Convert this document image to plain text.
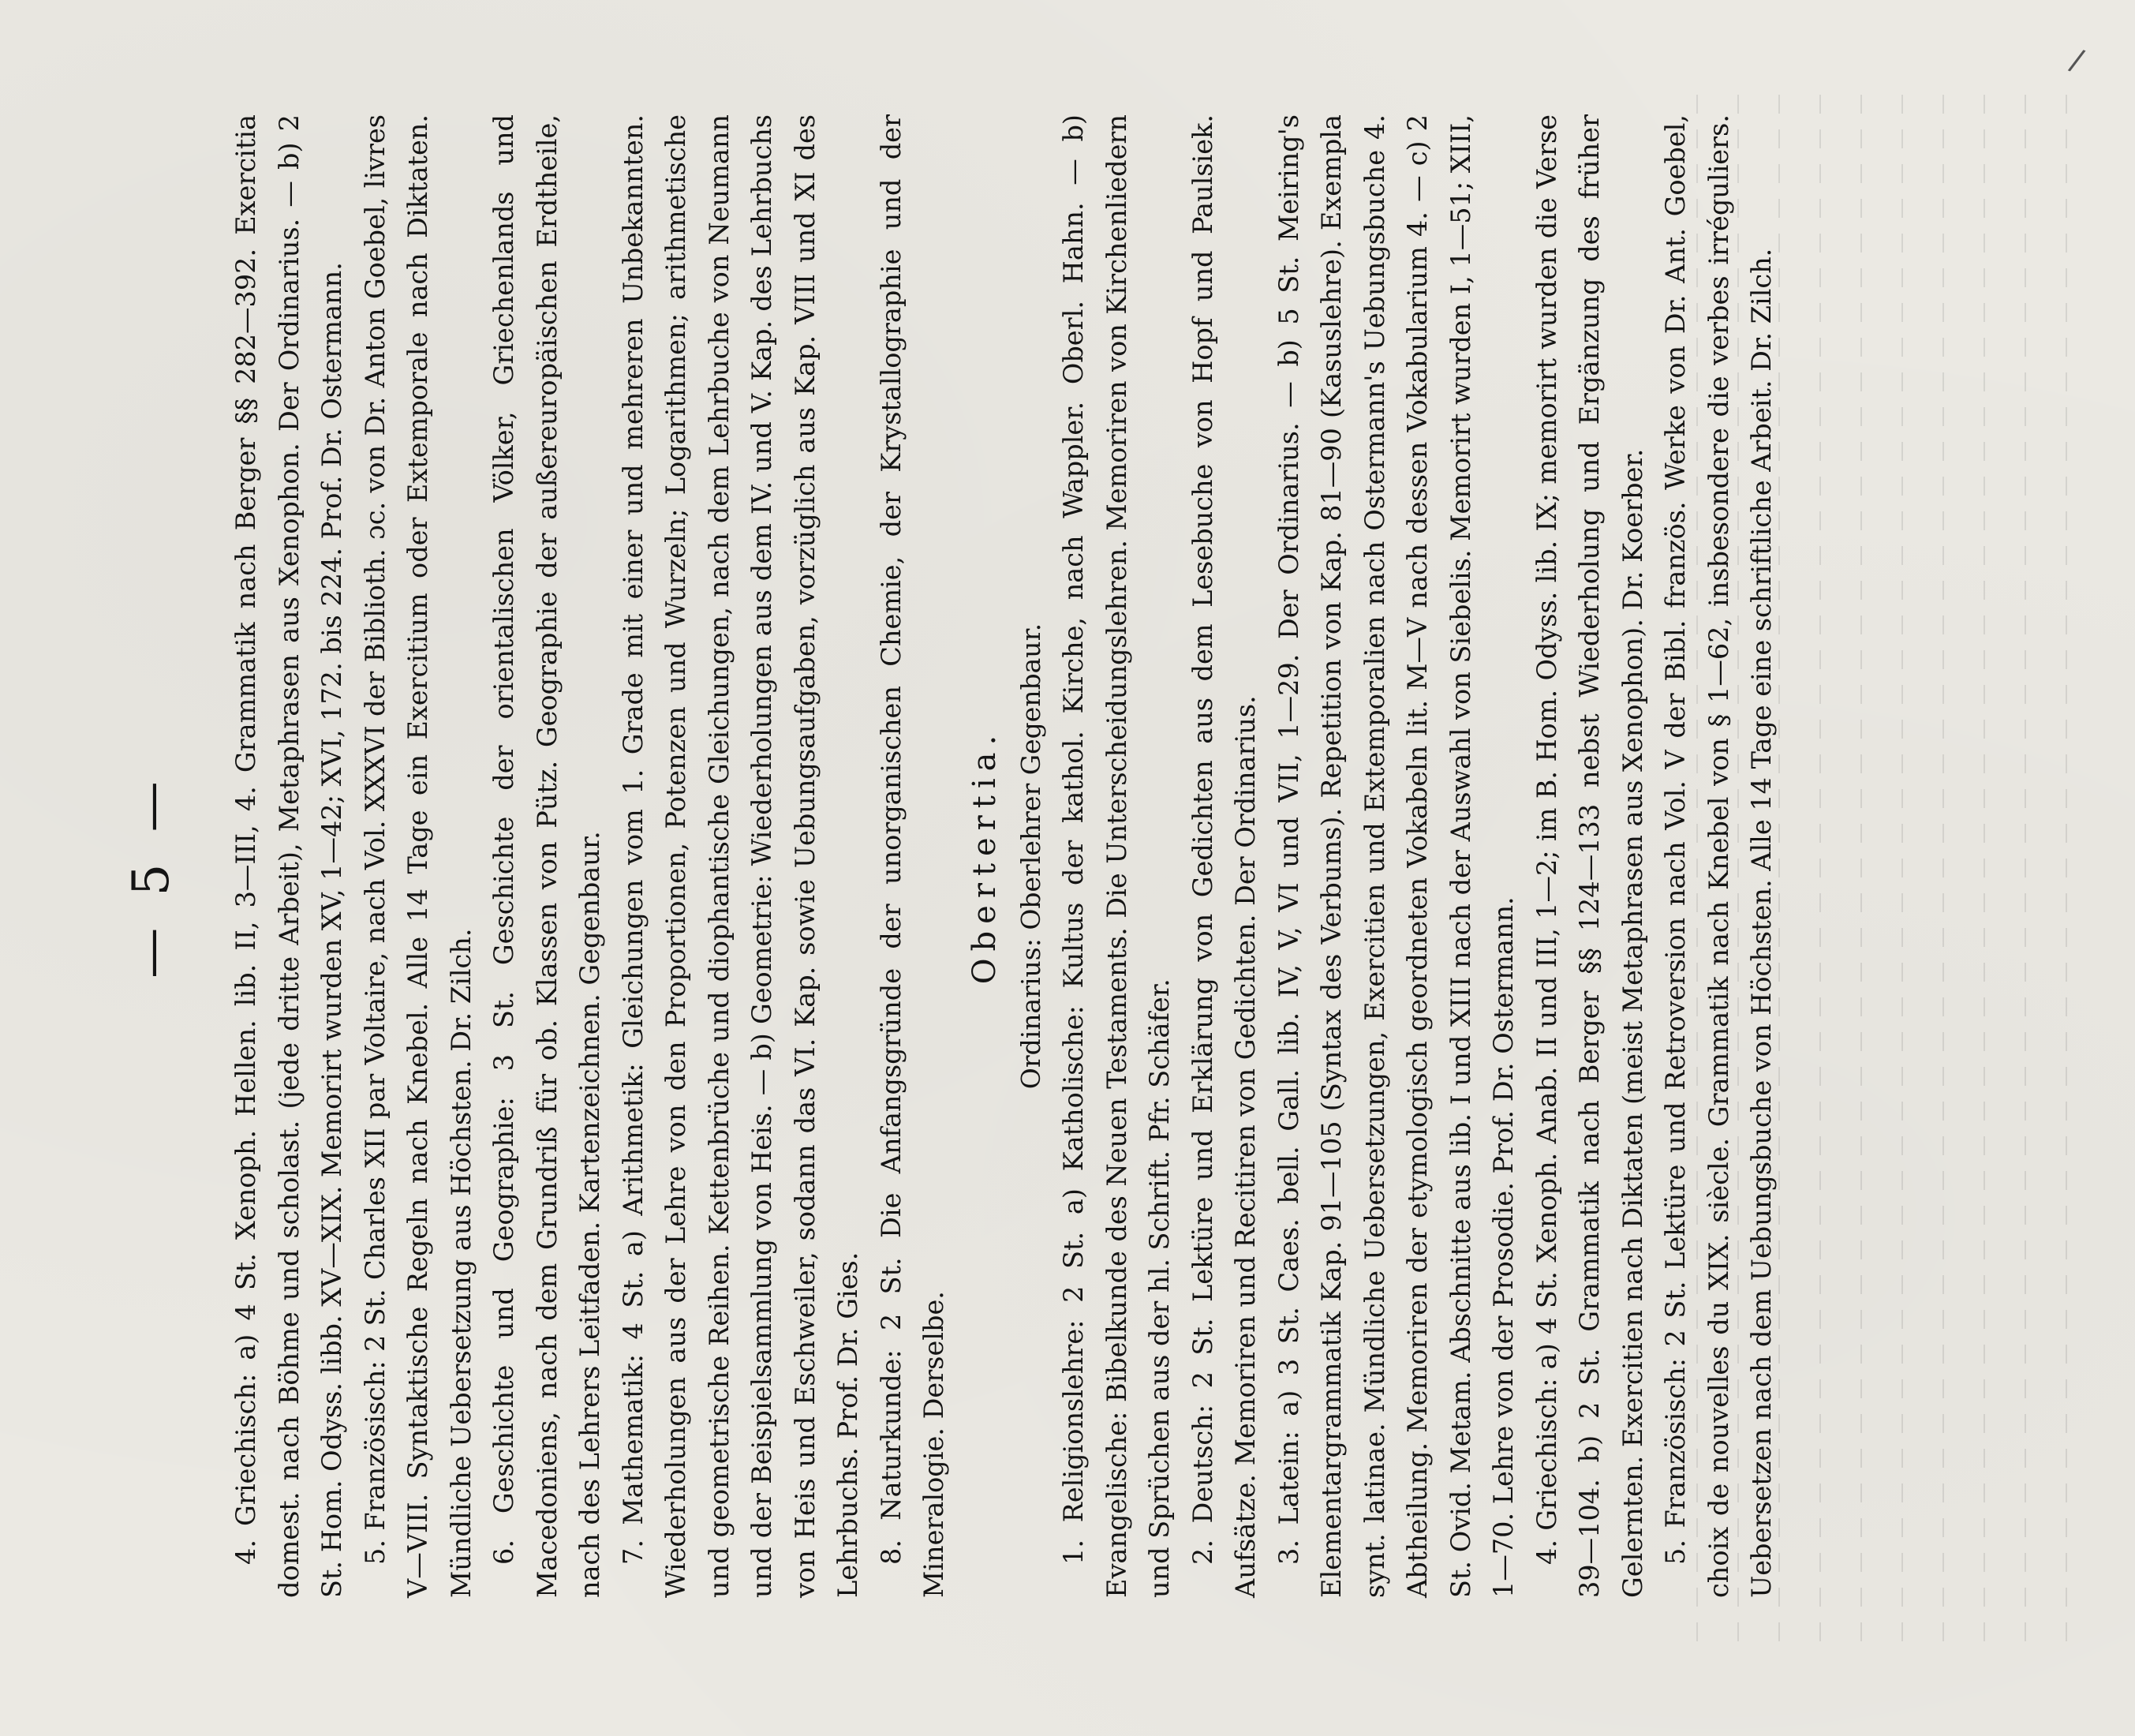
/
— 5 — 4. Griechisch: a) 4 St. Xenoph. Hellen. lib. II, 3—III, 4. Grammatik nach Berger §§ 282—392. Exercitia domest. nach Böhme und scholast. (jede dritte Arbeit), Metaphrasen aus Xenophon. Der Ordinarius. — b) 2 St. Hom. Odyss. libb. XV—XIX. Memorirt wurden XV, 1—42; XVI, 172. bis 224. Prof. Dr. Ostermann. 5. Französisch: 2 St. Charles XII par Voltaire, nach Vol. XXXVI der Biblioth. ɔc. von Dr. Anton Goebel, livres V—VIII. Syntaktische Regeln nach Knebel. Alle 14 Tage ein Exercitium oder Extemporale nach Diktaten. Mündliche Uebersetzung aus Höchsten. Dr. Zilch. 6. Geschichte und Geographie: 3 St. Geschichte der orientalischen Völker, Griechenlands und Macedoniens, nach dem Grundriß für ob. Klassen von Pütz. Geographie der außereuropäischen Erdtheile, nach des Lehrers Leitfaden. Kartenzeichnen. Gegenbaur. 7. Mathematik: 4 St. a) Arithmetik: Gleichungen vom 1. Grade mit einer und mehreren Unbekannten. Wiederholungen aus der Lehre von den Proportionen, Potenzen und Wurzeln; Logarithmen; arithmetische und geometrische Reihen. Kettenbrüche und diophantische Gleichungen, nach dem Lehrbuche von Neumann und der Beispielsammlung von Heis. — b) Geometrie: Wiederholungen aus dem IV. und V. Kap. des Lehrbuchs von Heis und Eschweiler, sodann das VI. Kap. sowie Uebungsaufgaben, vorzüglich aus Kap. VIII und XI des Lehrbuchs. Prof. Dr. Gies. 8. Naturkunde: 2 St. Die Anfangsgründe der unorganischen Chemie, der Krystallographie und der Mineralogie. Derselbe.

Obertertia. Ordinarius: Oberlehrer Gegenbaur. 1. Religionslehre: 2 St. a) Katholische: Kultus der kathol. Kirche, nach Wappler. Oberl. Hahn. — b) Evangelische: Bibelkunde des Neuen Testaments. Die Unterscheidungslehren. Memoriren von Kirchenliedern und Sprüchen aus der hl. Schrift. Pfr. Schäfer. 2. Deutsch: 2 St. Lektüre und Erklärung von Gedichten aus dem Lesebuche von Hopf und Paulsiek. Aufsätze. Memoriren und Recitiren von Gedichten. Der Ordinarius. 3. Latein: a) 3 St. Caes. bell. Gall. lib. IV, V, VI und VII, 1—29. Der Ordinarius. — b) 5 St. Meiring's Elementargrammatik Kap. 91—105 (Syntax des Verbums). Repetition von Kap. 81—90 (Kasuslehre). Exempla synt. latinae. Mündliche Uebersetzungen, Exercitien und Extemporalien nach Ostermann's Uebungsbuche 4. Abtheilung. Memoriren der etymologisch geordneten Vokabeln lit. M—V nach dessen Vokabularium 4. — c) 2 St. Ovid. Metam. Abschnitte aus lib. I und XIII nach der Auswahl von Siebelis. Memorirt wurden I, 1—51; XIII, 1—70. Lehre von der Prosodie. Prof. Dr. Ostermann. 4. Griechisch: a) 4 St. Xenoph. Anab. II und III, 1—2; im B. Hom. Odyss. lib. IX; memorirt wurden die Verse 39—104. b) 2 St. Grammatik nach Berger §§ 124—133 nebst Wiederholung und Ergänzung des früher Gelernten. Exercitien nach Diktaten (meist Metaphrasen aus Xenophon). Dr. Koerber. 5. Französisch: 2 St. Lektüre und Retroversion nach Vol. V der Bibl. französ. Werke von Dr. Ant. Goebel, choix de nouvelles du XIX. siècle. Grammatik nach Knebel von § 1—62, insbesondere die verbes irréguliers. Uebersetzen nach dem Uebungsbuche von Höchsten. Alle 14 Tage eine schriftliche Arbeit. Dr. Zilch.
